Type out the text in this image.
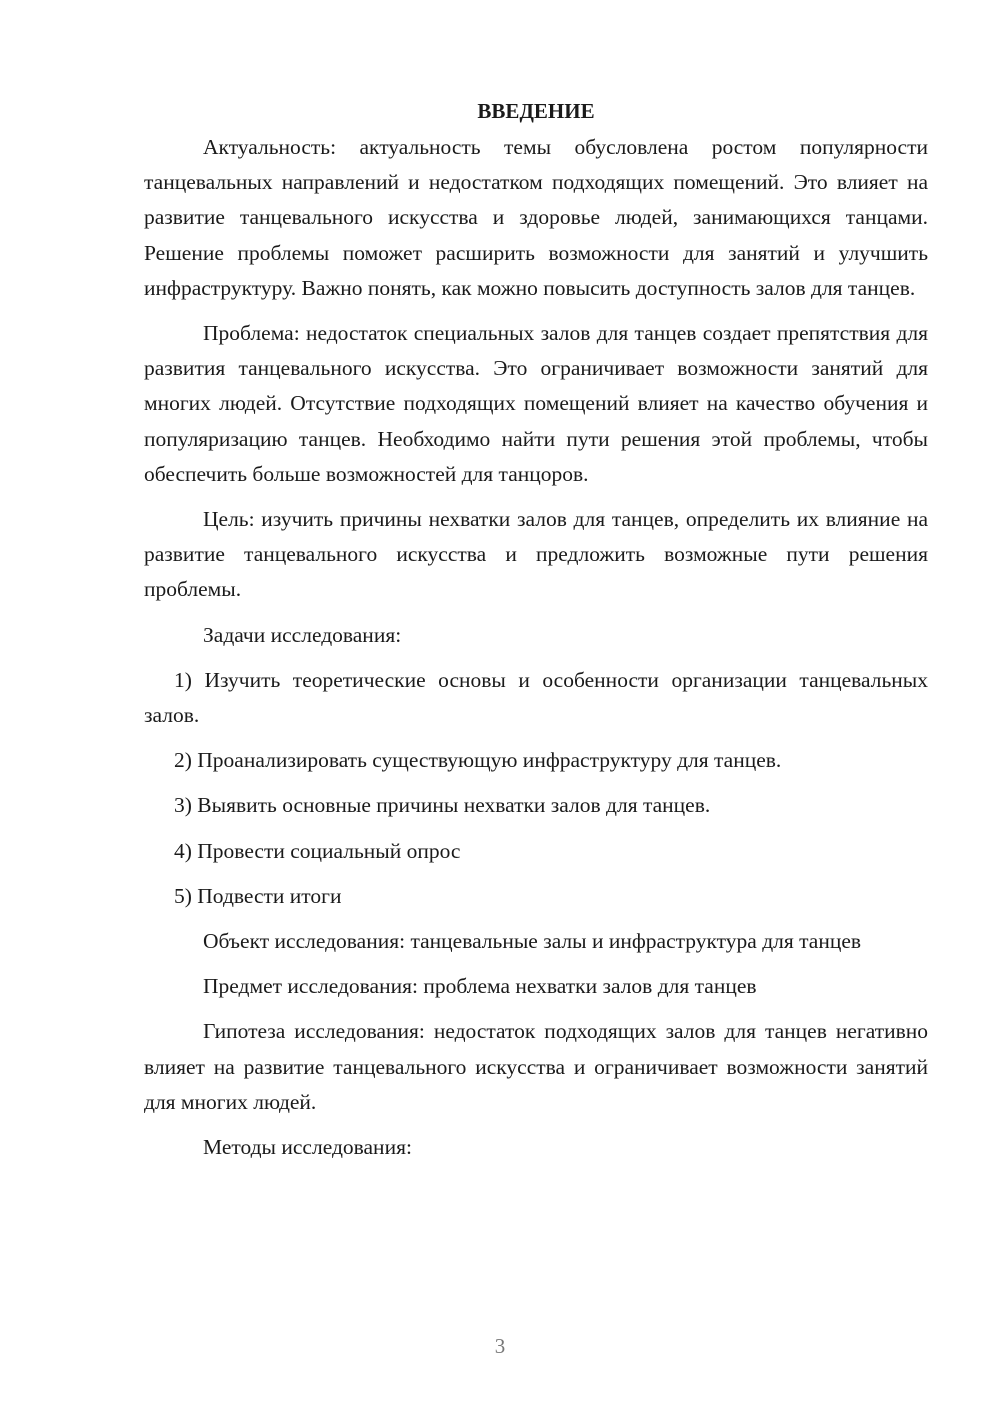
ВВЕДЕНИЕ

Актуальность: актуальность темы обусловлена ростом популярности танцевальных направлений и недостатком подходящих помещений. Это влияет на развитие танцевального искусства и здоровье людей, занимающихся танцами. Решение проблемы поможет расширить возможности для занятий и улучшить инфраструктуру. Важно понять, как можно повысить доступность залов для танцев.

Проблема: недостаток специальных залов для танцев создает препятствия для развития танцевального искусства. Это ограничивает возможности занятий для многих людей. Отсутствие подходящих помещений влияет на качество обучения и популяризацию танцев. Необходимо найти пути решения этой проблемы, чтобы обеспечить больше возможностей для танцоров.

Цель: изучить причины нехватки залов для танцев, определить их влияние на развитие танцевального искусства и предложить возможные пути решения проблемы.

Задачи исследования:

1) Изучить теоретические основы и особенности организации танцевальных залов.

2) Проанализировать существующую инфраструктуру для танцев.

3) Выявить основные причины нехватки залов для танцев.

4) Провести социальный опрос

5) Подвести итоги

Объект исследования: танцевальные залы и инфраструктура для танцев

Предмет исследования: проблема нехватки залов для танцев

Гипотеза исследования: недостаток подходящих залов для танцев негативно влияет на развитие танцевального искусства и ограничивает возможности занятий для многих людей.

Методы исследования:

3
